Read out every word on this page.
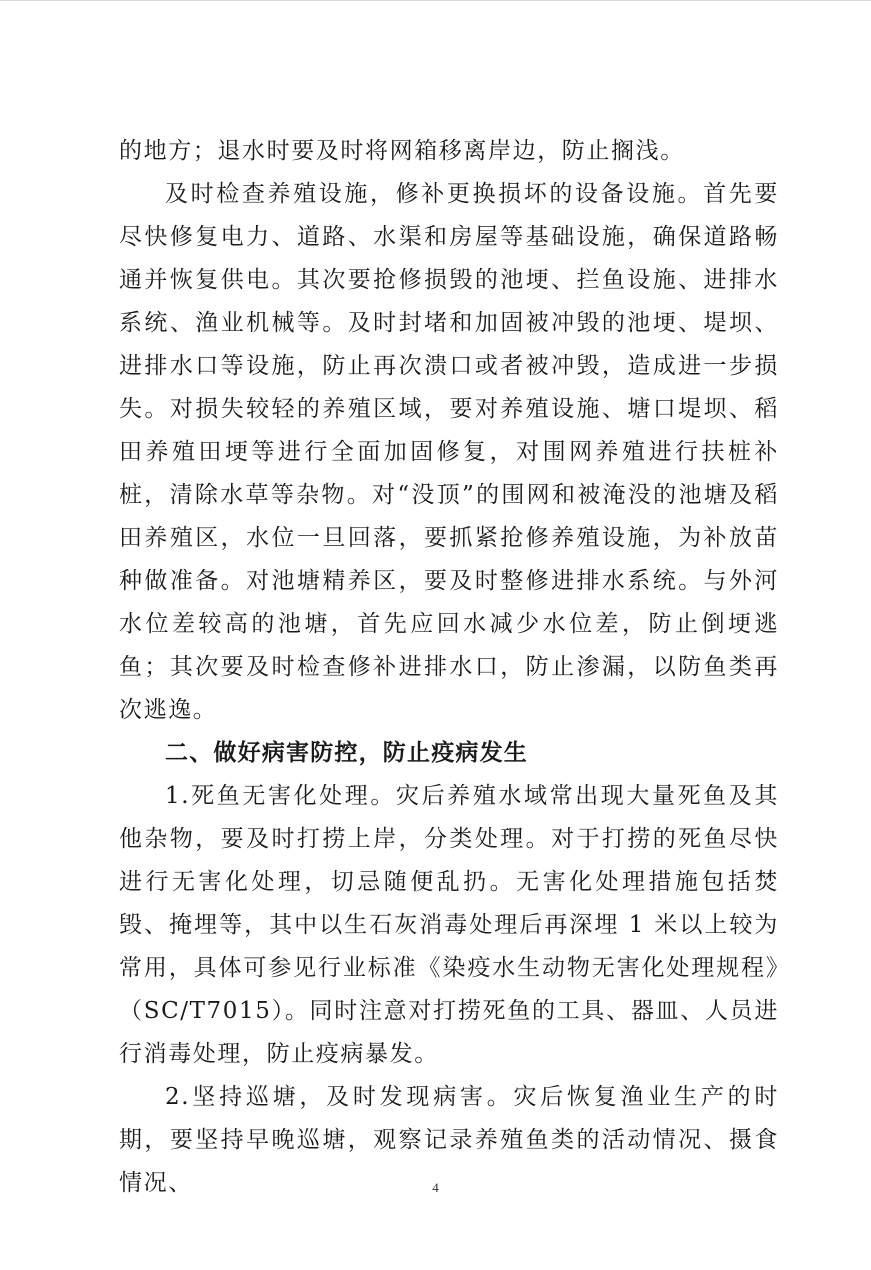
的地方；退水时要及时将网箱移离岸边，防止搁浅。

及时检查养殖设施，修补更换损坏的设备设施。首先要尽快修复电力、道路、水渠和房屋等基础设施，确保道路畅通并恢复供电。其次要抢修损毁的池埂、拦鱼设施、进排水系统、渔业机械等。及时封堵和加固被冲毁的池埂、堤坝、进排水口等设施，防止再次溃口或者被冲毁，造成进一步损失。对损失较轻的养殖区域，要对养殖设施、塘口堤坝、稻田养殖田埂等进行全面加固修复，对围网养殖进行扶桩补桩，清除水草等杂物。对“没顶”的围网和被淹没的池塘及稻田养殖区，水位一旦回落，要抓紧抢修养殖设施，为补放苗种做准备。对池塘精养区，要及时整修进排水系统。与外河水位差较高的池塘，首先应回水减少水位差，防止倒埂逃鱼；其次要及时检查修补进排水口，防止渗漏，以防鱼类再次逃逸。

二、做好病害防控，防止疫病发生

1.死鱼无害化处理。灾后养殖水域常出现大量死鱼及其他杂物，要及时打捞上岸，分类处理。对于打捞的死鱼尽快进行无害化处理，切忌随便乱扔。无害化处理措施包括焚毁、掩埋等，其中以生石灰消毒处理后再深埋 1 米以上较为常用，具体可参见行业标准《染疫水生动物无害化处理规程》（SC/T7015）。同时注意对打捞死鱼的工具、器皿、人员进行消毒处理，防止疫病暴发。

2.坚持巡塘，及时发现病害。灾后恢复渔业生产的时期，要坚持早晚巡塘，观察记录养殖鱼类的活动情况、摄食情况、	4
